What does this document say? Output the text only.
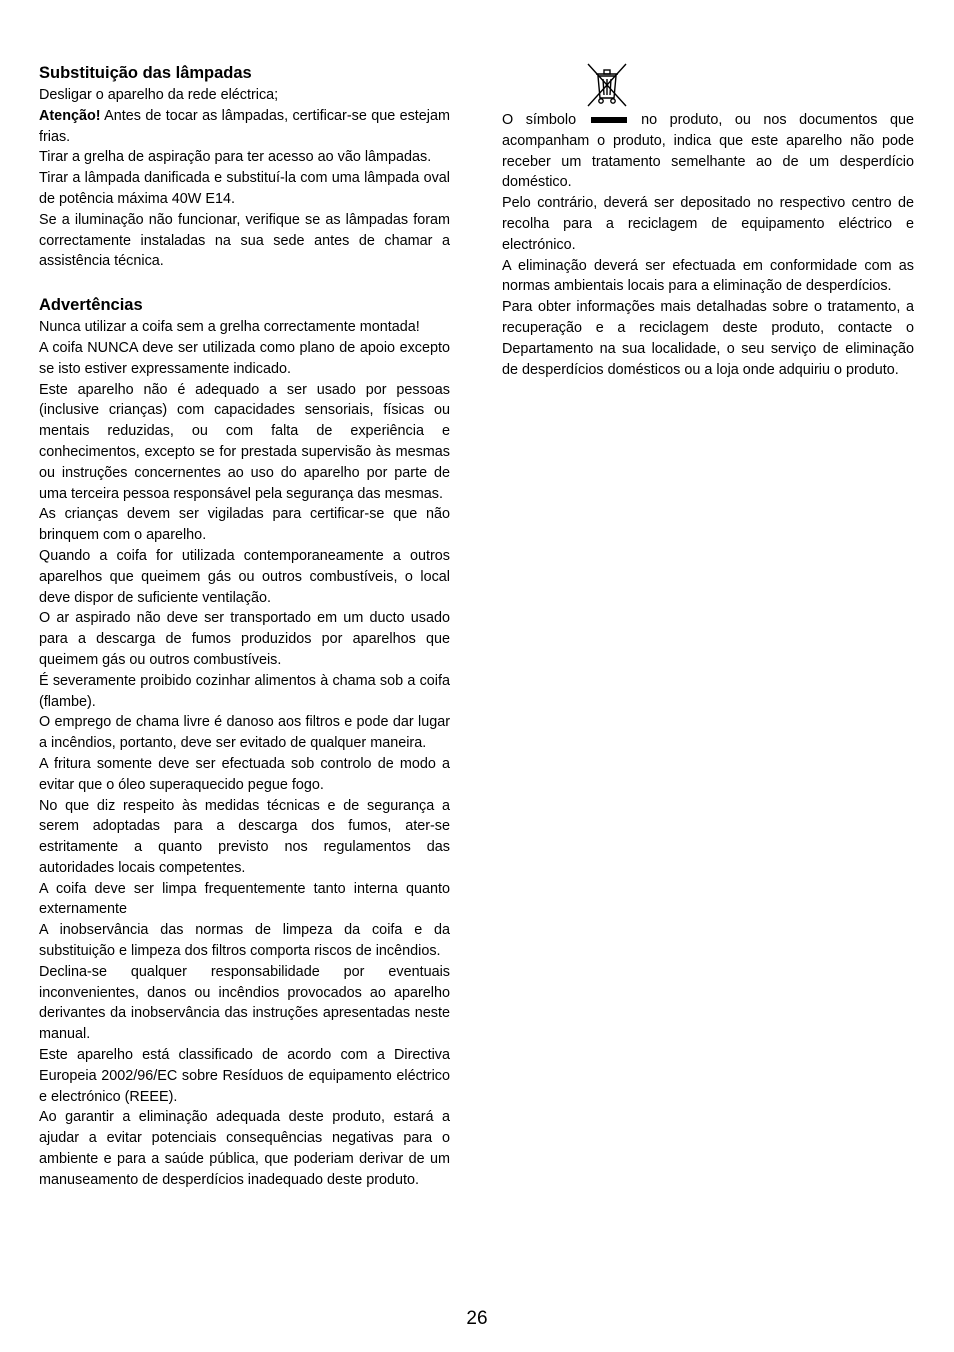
Substituição das lâmpadas

Desligar o aparelho da rede eléctrica;

Atenção! Antes de tocar as lâmpadas, certificar-se que estejam frias.

Tirar a grelha de aspiração para ter acesso ao vão lâmpadas.

Tirar a lâmpada danificada e substituí-la com uma lâmpada oval de potência máxima 40W E14.

Se a iluminação não funcionar, verifique se as lâmpadas foram correctamente instaladas na sua sede antes de chamar a assistência técnica.

Advertências

Nunca utilizar a coifa sem a grelha correctamente montada!

A coifa NUNCA deve ser utilizada como plano de apoio excepto se isto estiver expressamente indicado.

Este aparelho não é adequado a ser usado por pessoas (inclusive crianças) com capacidades sensoriais, físicas ou mentais reduzidas, ou com falta de experiência e conhecimentos, excepto se for prestada supervisão às mesmas ou instruções concernentes ao uso do aparelho por parte de uma terceira pessoa responsável pela segurança das mesmas.

As crianças devem ser vigiladas para certificar-se que não brinquem com o aparelho.

Quando a coifa for utilizada contemporaneamente a outros aparelhos que queimem gás ou outros combustíveis, o local deve dispor de suficiente ventilação.

O ar aspirado não deve ser transportado em um ducto usado para a descarga de fumos produzidos por aparelhos que queimem gás ou outros combustíveis.

É severamente proibido cozinhar alimentos à chama sob a coifa (flambe).

O emprego de chama livre é danoso aos filtros e pode dar lugar a incêndios, portanto, deve ser evitado de qualquer maneira.

A fritura somente deve ser efectuada sob controlo de modo a evitar que o óleo superaquecido pegue fogo.

No que diz respeito às medidas técnicas e de segurança a serem adoptadas para a descarga dos fumos, ater-se estritamente a quanto previsto nos regulamentos das autoridades locais competentes.

A coifa deve ser limpa frequentemente tanto interna quanto externamente

A inobservância das normas de limpeza da coifa e da substituição e limpeza dos filtros comporta riscos de incêndios.

Declina-se qualquer responsabilidade por eventuais inconvenientes, danos ou incêndios provocados ao aparelho derivantes da inobservância das instruções apresentadas neste manual.

Este aparelho está classificado de acordo com a Directiva Europeia 2002/96/EC sobre Resíduos de equipamento eléctrico e electrónico (REEE).

Ao garantir a eliminação adequada deste produto, estará a ajudar a evitar potenciais consequências negativas para o ambiente e para a saúde pública, que poderiam derivar de um manuseamento de desperdícios inadequado deste produto.

O símbolo	no produto, ou nos documentos que acompanham o produto, indica que este aparelho não pode receber um tratamento semelhante ao de um desperdício doméstico.

Pelo contrário, deverá ser depositado no respectivo centro de recolha para a reciclagem de equipamento eléctrico e electrónico.

A eliminação deverá ser efectuada em conformidade com as normas ambientais locais para a eliminação de desperdícios.

Para obter informações mais detalhadas sobre o tratamento, a recuperação e a reciclagem deste produto, contacte o Departamento na sua localidade, o seu serviço de eliminação de desperdícios domésticos ou a loja onde adquiriu o produto.

26
